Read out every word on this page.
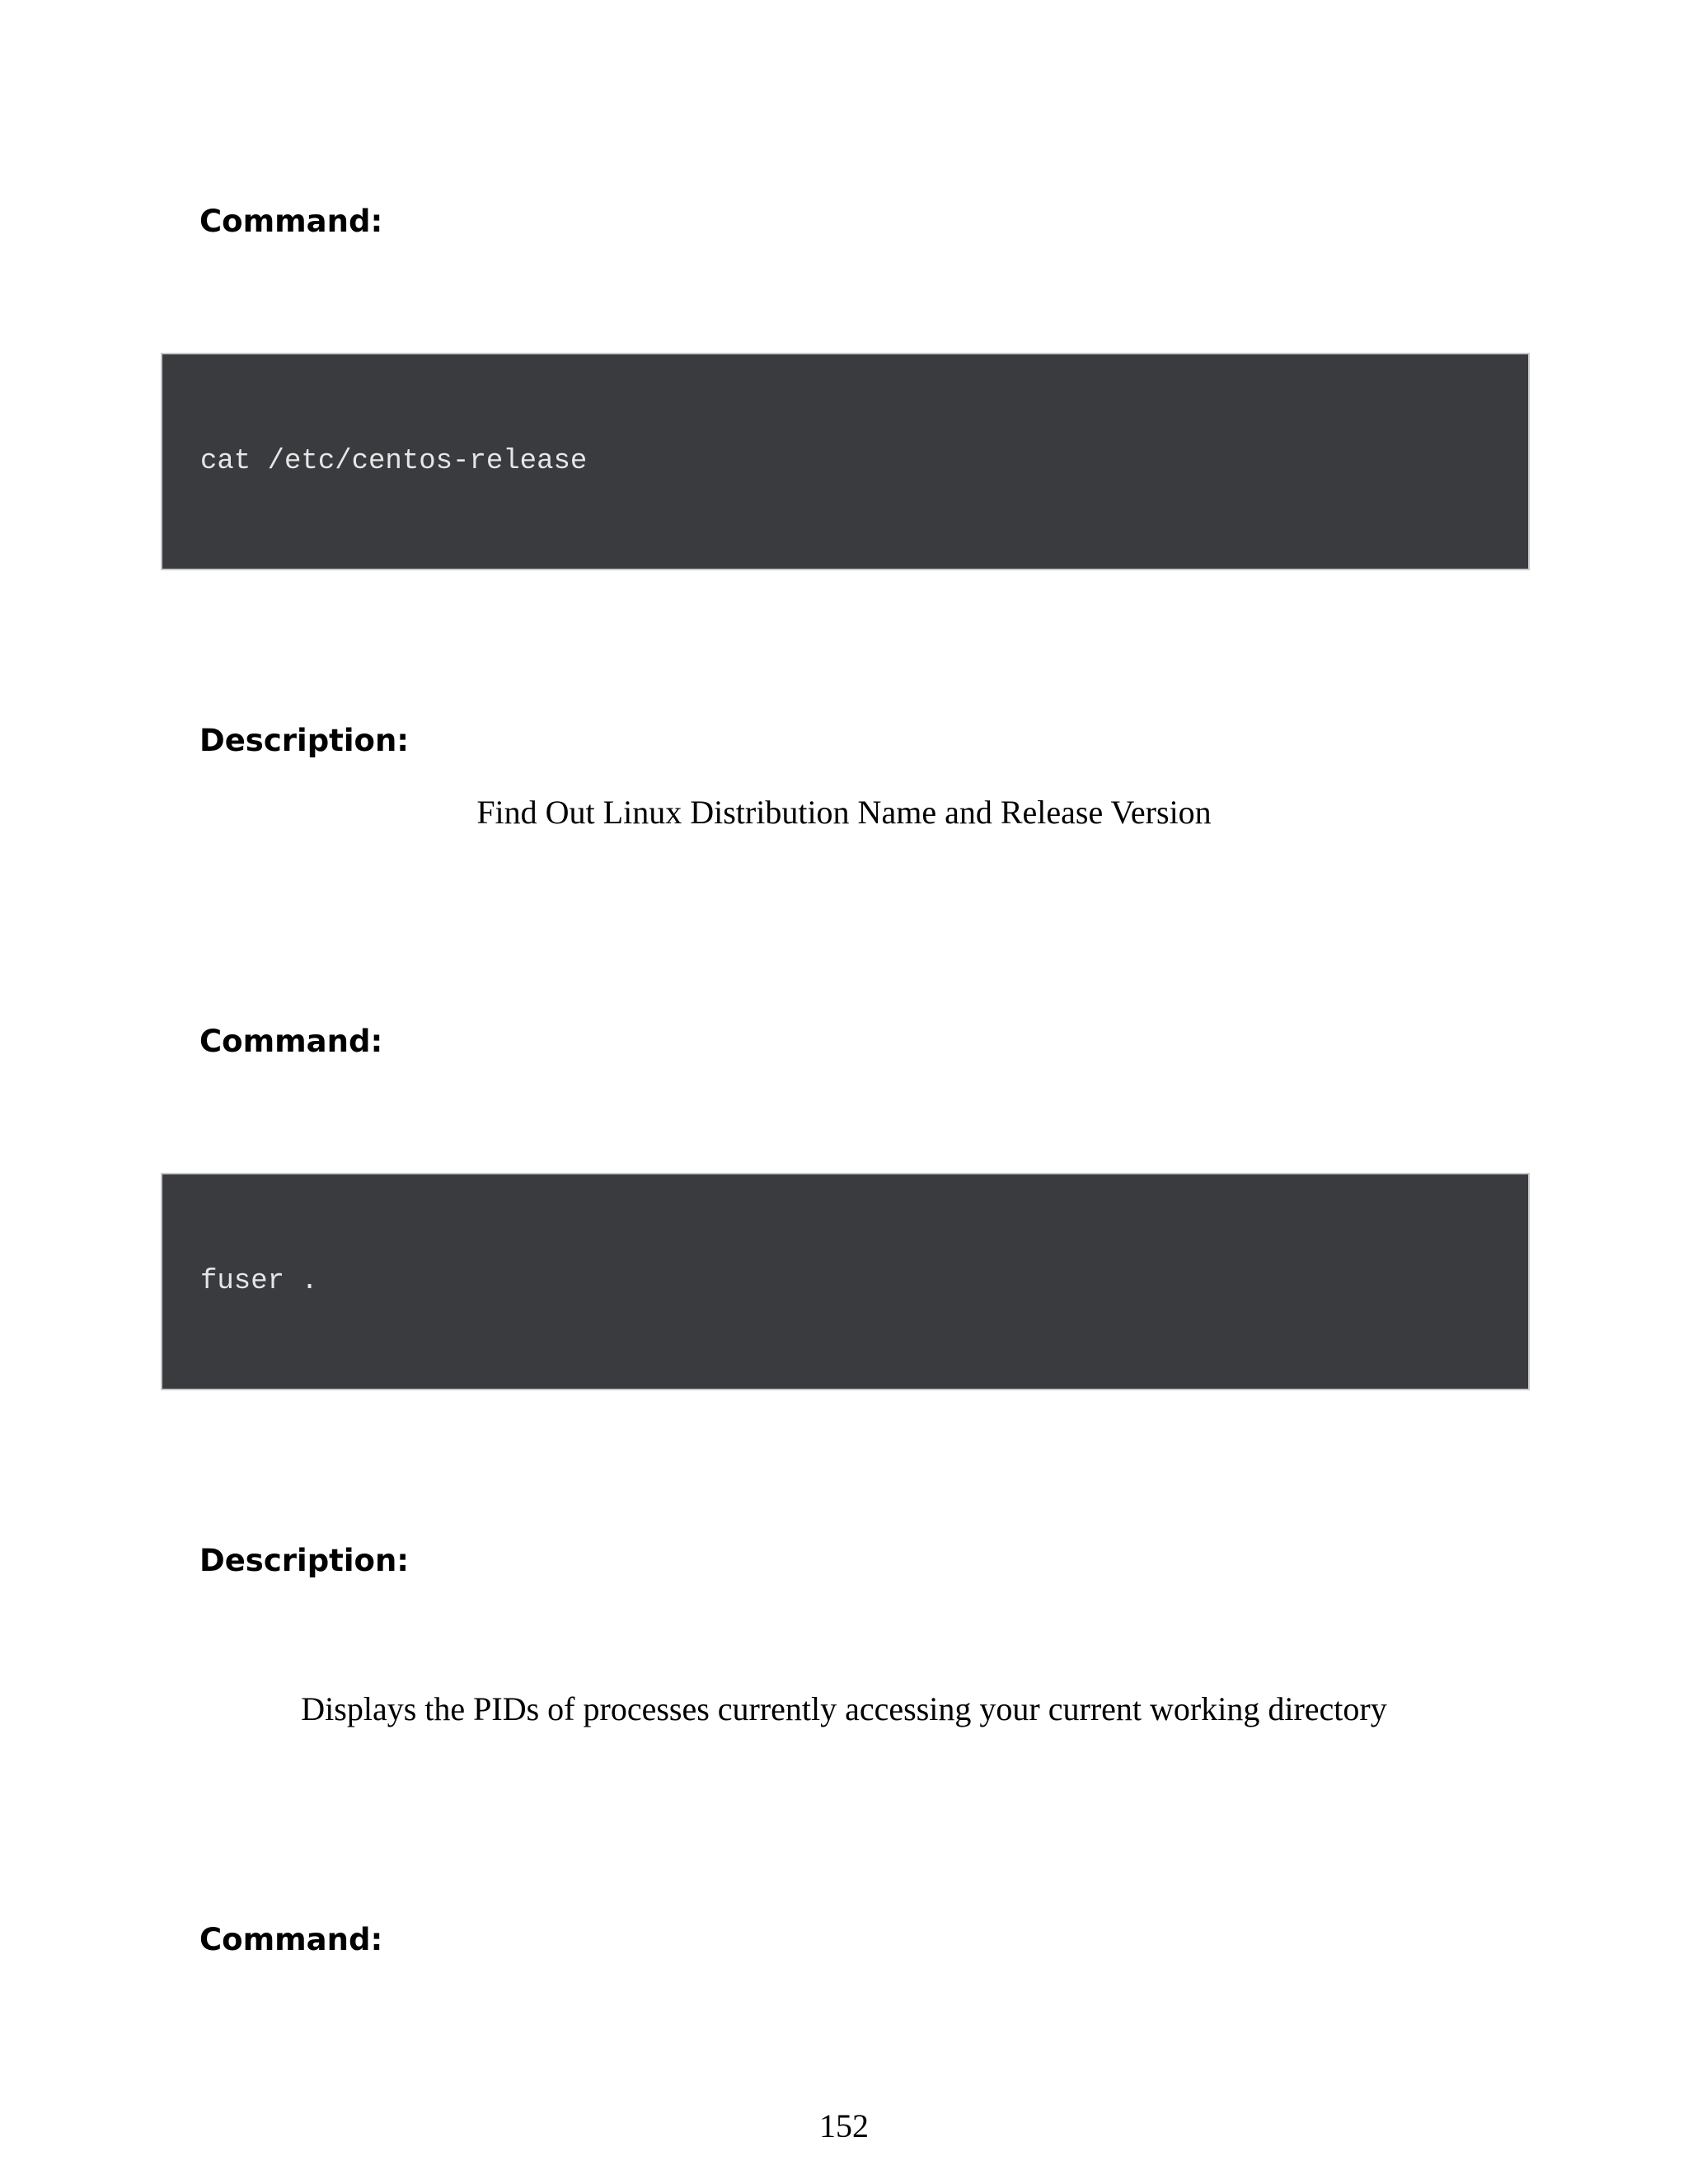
Command:
cat /etc/centos-release
Description:

Find Out Linux Distribution Name and Release Version

Command:
fuser .
Description:

Displays the PIDs of processes currently accessing your current working directory

Command:
152
